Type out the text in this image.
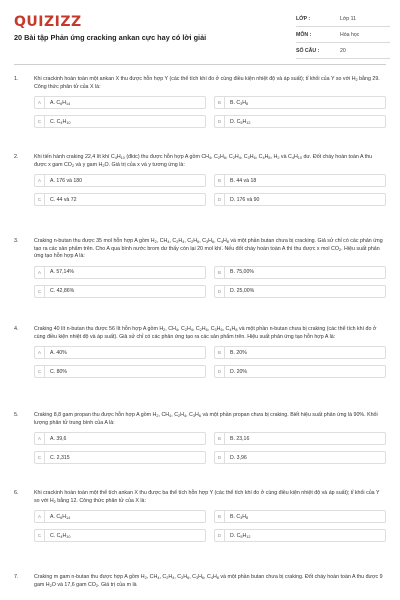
QUIZIZZ
20 Bài tập Phản ứng cracking ankan cực hay có lời giải
LỚP :	Lớp 11
MÔN :	Hóa học
SỐ CÂU :	20
1.	Khi crackinh hoàn toàn một ankan X thu được hỗn hợp Y (các thể tích khí đo ở cùng điều kiện nhiệt độ và áp suất); tỉ khối của Y so với $H_2$ bằng 29. Công thức phân tử của X là:
A	A. $C_6H_{14}$	B	B. $C_3H_8$
C	C. $C_4H_{10}$	D	D. $C_5H_{12}$
2.	Khi tiến hành craking 22,4 lít khí $C_4H_{10}$ (đktc) thu được hỗn hợp A gồm $CH_4$, $C_2H_6$, $C_2H_4$, $C_3H_6$, $C_4H_8$, $H_2$ và $C_4H_{10}$ dư. Đốt cháy hoàn toàn A thu được x gam $CO_2$ và y gam $H_2O$. Giá trị của x và y tương ứng là:
A	A. 176 và 180	B	B. 44 và 18
C	C. 44 và 72	D	D. 176 và 90
3.	Craking n-butan thu được 35 mol hỗn hợp A gồm $H_2$, $CH_4$, $C_2H_4$, $C_2H_6$, $C_3H_6$, $C_4H_8$ và một phần butan chưa bị cracking. Giả sử chỉ có các phản ứng tạo ra các sản phẩm trên. Cho A qua bình nước brom dư thấy còn lại 20 mol khí. Nếu đốt cháy hoàn toàn A thì thu được x mol $CO_2$. Hiệu suất phản ứng tạo hỗn hợp A là:
A	A. 57,14%	B	B. 75,00%
C	C. 42,86%	D	D. 25,00%
4.	Craking 40 lít n-butan thu được 56 lít hỗn hợp A gồm $H_2$, $CH_4$, $C_2H_4$, $C_2H_6$, $C_3H_6$, $C_4H_8$ và một phần n-butan chưa bị craking (các thể tích khí đo ở cùng điều kiện nhiệt độ và áp suất). Giả sử chỉ có các phản ứng tạo ra các sản phẩm trên. Hiệu suất phản ứng tạo hỗn hợp A là:
A	A. 40%	B	B. 20%
C	C. 80%	D	D. 20%
5.	Craking 8,8 gam propan thu được hỗn hợp A gồm $H_2$, $CH_4$, $C_2H_4$, $C_3H_6$ và một phần propan chưa bị craking. Biết hiệu suất phản ứng là 90%. Khối lượng phân tử trung bình của A là:
A	A. 39,6	B	B. 23,16
C	C. 2,315	D	D. 3,96
6.	Khi crackinh hoàn toàn một thể tích ankan X thu được ba thể tích hỗn hợp Y (các thể tích khí đo ở cùng điều kiện nhiệt độ và áp suất); tỉ khối của Y so với $H_2$ bằng 12. Công thức phân tử của X là:
A	A. $C_6H_{14}$	B	B. $C_3H_8$
C	C. $C_4H_{10}$	D	D. $C_5H_{12}$
7.	Craking m gam n-butan thu được hợp A gồm $H_2$, $CH_4$, $C_2H_4$, $C_2H_6$, $C_3H_6$, $C_4H_8$ và một phần butan chưa bị craking. Đốt cháy hoàn toàn A thu được 9 gam $H_2O$ và 17,6 gam $CO_2$. Giá trị của m là
